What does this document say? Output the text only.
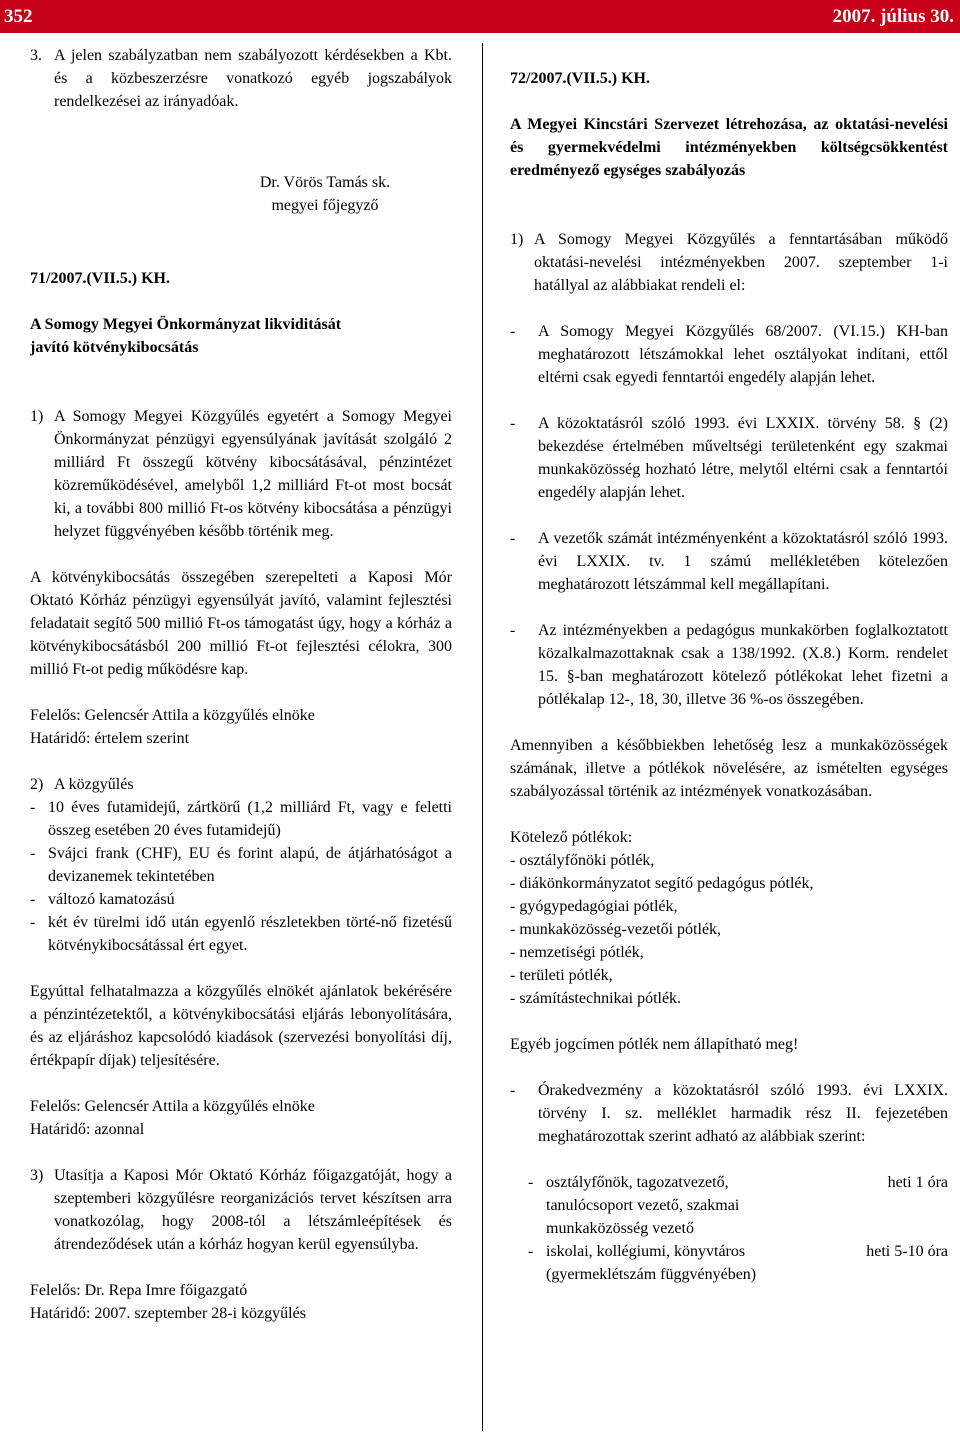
352	2007. július 30.
3. A jelen szabályzatban nem szabályozott kérdésekben a Kbt. és a közbeszerzésre vonatkozó egyéb jogszabályok rendelkezései az irányadóak.
Dr. Vörös Tamás sk.
megyei főjegyző

71/2007.(VII.5.) KH.

A Somogy Megyei Önkormányzat likviditását javító kötvénykibocsátás

1) A Somogy Megyei Közgyűlés egyetért a Somogy Megyei Önkormányzat pénzügyi egyensúlyának javítását szolgáló 2 milliárd Ft összegű kötvény kibocsátásával, pénzintézet közreműködésével, amelyből 1,2 milliárd Ft-ot most bocsát ki, a további 800 millió Ft-os kötvény kibocsátása a pénzügyi helyzet függvényében később történik meg.

A kötvénykibocsátás összegében szerepelteti a Kaposi Mór Oktató Kórház pénzügyi egyensúlyát javító, valamint fejlesztési feladatait segítő 500 millió Ft-os támogatást úgy, hogy a kórház a kötvénykibocsátásból 200 millió Ft-ot fejlesztési célokra, 300 millió Ft-ot pedig működésre kap.

Felelős: Gelencsér Attila a közgyűlés elnöke

Határidő: értelem szerint

2) A közgyűlés
- 10 éves futamidejű, zártkörű (1,2 milliárd Ft, vagy e feletti összeg esetében 20 éves futamidejű)
- Svájci frank (CHF), EU és forint alapú, de átjárhatóságot a devizanemek tekintetében
- változó kamatozású
- két év türelmi idő után egyenlő részletekben törté-nő fizetésű kötvénykibocsátással ért egyet.

Egyúttal felhatalmazza a közgyűlés elnökét ajánlatok bekérésére a pénzintézetektől, a kötvénykibocsátási eljárás lebonyolítására, és az eljáráshoz kapcsolódó kiadások (szervezési bonyolítási díj, értékpapír díjak) teljesítésére.

Felelős: Gelencsér Attila a közgyűlés elnöke

Határidő: azonnal

3) Utasítja a Kaposi Mór Oktató Kórház főigazgatóját, hogy a szeptemberi közgyűlésre reorganizációs tervet készítsen arra vonatkozólag, hogy 2008-tól a létszámleépítések és átrendeződések után a kórház hogyan kerül egyensúlyba.

Felelős: Dr. Repa Imre főigazgató

Határidő: 2007. szeptember 28-i közgyűlés

72/2007.(VII.5.) KH.

A Megyei Kincstári Szervezet létrehozása, az oktatási-nevelési és gyermekvédelmi intézményekben költségcsökkentést eredményező egységes szabályozás

1) A Somogy Megyei Közgyűlés a fenntartásában működő oktatási-nevelési intézményekben 2007. szeptember 1-i hatállyal az alábbiakat rendeli el:
- A Somogy Megyei Közgyűlés 68/2007. (VI.15.) KH-ban meghatározott létszámokkal lehet osztályokat indítani, ettől eltérni csak egyedi fenntartói engedély alapján lehet.
- A közoktatásról szóló 1993. évi LXXIX. törvény 58. § (2) bekezdése értelmében műveltségi területenként egy szakmai munkaközösség hozható létre, melytől eltérni csak a fenntartói engedély alapján lehet.
- A vezetők számát intézményenként a közoktatásról szóló 1993. évi LXXIX. tv. 1 számú mellékletében kötelezően meghatározott létszámmal kell megállapítani.
- Az intézményekben a pedagógus munkakörben foglalkoztatott közalkalmazottaknak csak a 138/1992. (X.8.) Korm. rendelet 15. §-ban meghatározott kötelező pótlékokat lehet fizetni a pótlékalap 12-, 18, 30, illetve 36 %-os összegében.

Amennyiben a későbbiekben lehetőség lesz a munkaközösségek számának, illetve a pótlékok növelésére, az ismételten egységes szabályozással történik az intézmények vonatkozásában.

Kötelező pótlékok:

- osztályfőnöki pótlék,

- diákönkormányzatot segítő pedagógus pótlék,

- gyógypedagógiai pótlék,

- munkaközösség-vezetői pótlék,

- nemzetiségi pótlék,

- területi pótlék,

- számítástechnikai pótlék.

Egyéb jogcímen pótlék nem állapítható meg!

- Órakedvezmény a közoktatásról szóló 1993. évi LXXIX. törvény I. sz. melléklet harmadik rész II. fejezetében meghatározottak szerint adható az alábbiak szerint:
- osztályfőnök, tagozatvezető, tanulócsoport vezető, szakmai munkaközösség vezető
heti 1 óra
- iskolai, kollégiumi, könyvtáros (gyermeklétszám függvényében)
heti 5-10 óra
